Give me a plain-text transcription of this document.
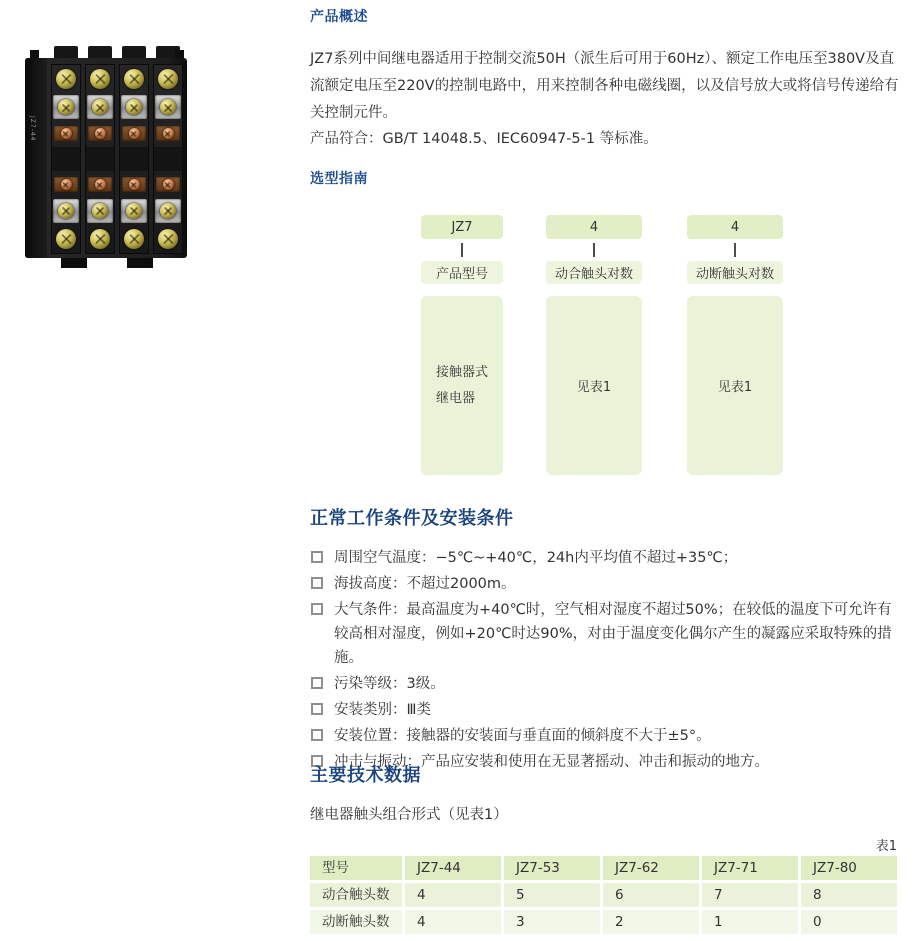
JZ7-44
产品概述
JZ7系列中间继电器适用于控制交流50H（派生后可用于60Hz）、额定工作电压至380V及直流额定电压至220V的控制电路中，用来控制各种电磁线圈，以及信号放大或将信号传递给有关控制元件。
产品符合：GB/T 14048.5、IEC60947-5-1 等标准。
选型指南
JZ7
产品型号
接触器式
继电器
4
动合触头对数
见表1
4
动断触头对数
见表1
正常工作条件及安装条件
周围空气温度：−5℃~+40℃，24h内平均值不超过+35℃；
海拔高度：不超过2000m。
大气条件：最高温度为+40℃时，空气相对湿度不超过50%；在较低的温度下可允许有较高相对湿度，例如+20℃时达90%，对由于温度变化偶尔产生的凝露应采取特殊的措施。
污染等级：3级。
安装类别：Ⅲ类
安装位置：接触器的安装面与垂直面的倾斜度不大于±5°。
冲击与振动：产品应安装和使用在无显著摇动、冲击和振动的地方。
主要技术数据
继电器触头组合形式（见表1）
表1
型号	JZ7-44	JZ7-53	JZ7-62	JZ7-71	JZ7-80
动合触头数	4	5	6	7	8
动断触头数	4	3	2	1	0
